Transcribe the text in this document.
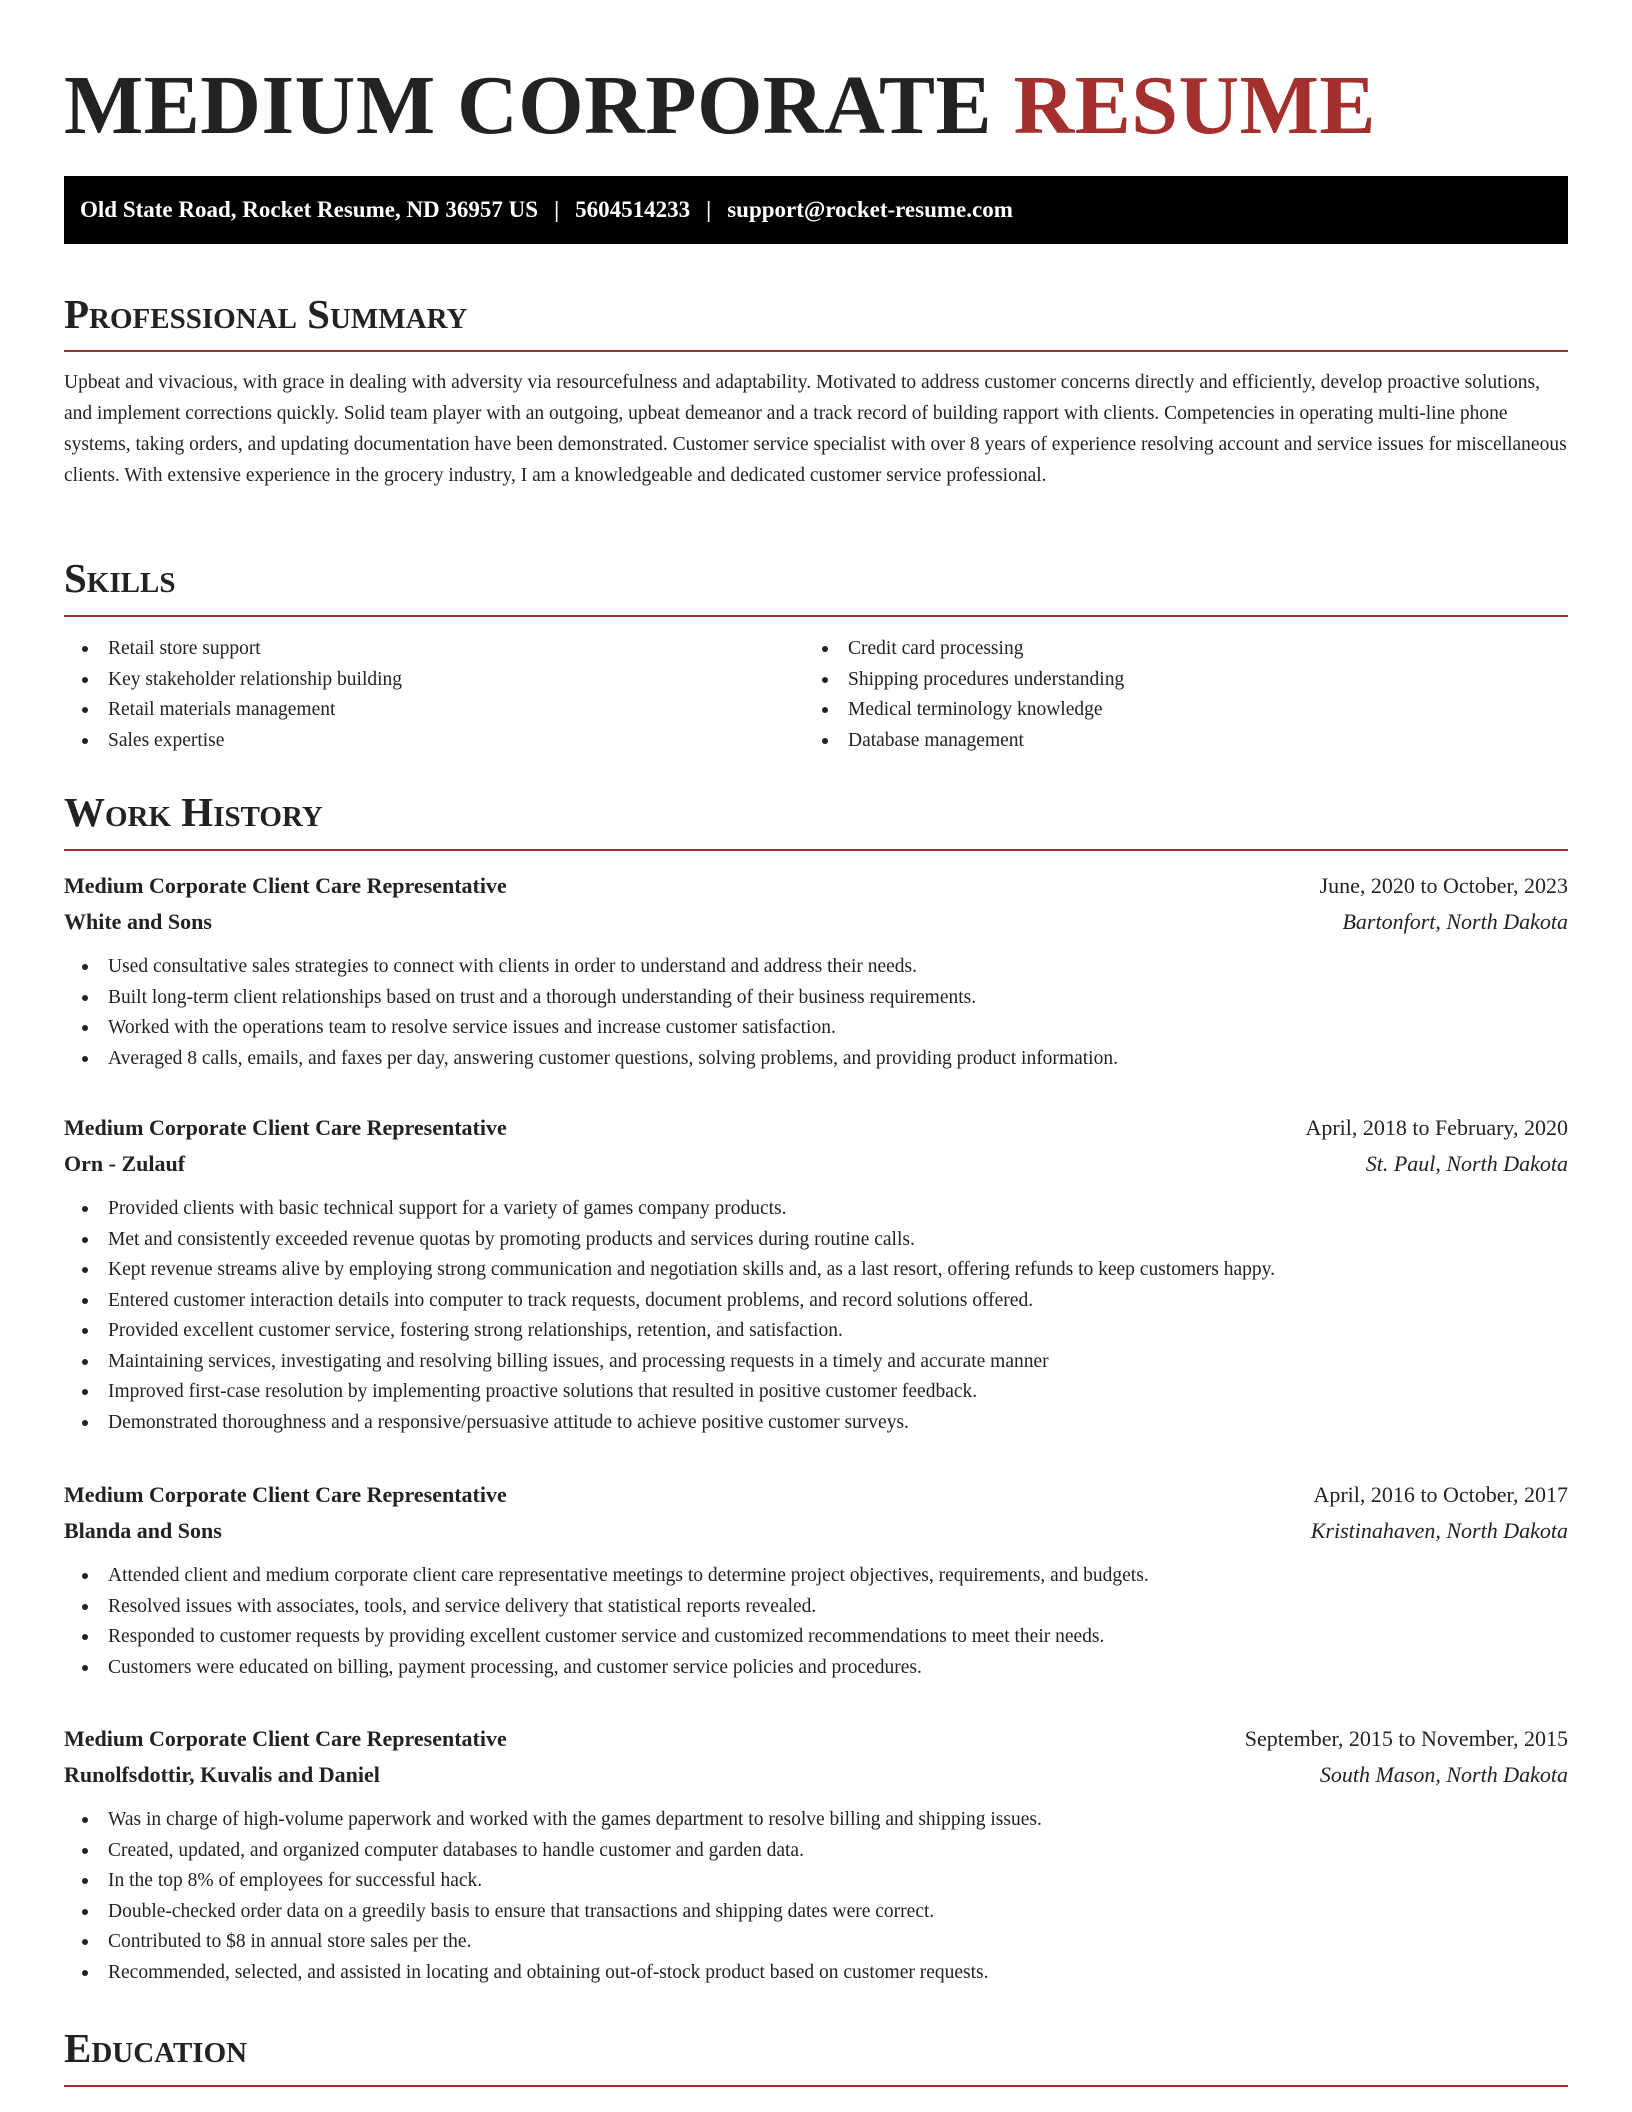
MEDIUM CORPORATE RESUME
Old State Road, Rocket Resume, ND 36957 US | 5604514233 | support@rocket-resume.com
Professional Summary

Upbeat and vivacious, with grace in dealing with adversity via resourcefulness and adaptability. Motivated to address customer concerns directly and efficiently, develop proactive solutions, and implement corrections quickly. Solid team player with an outgoing, upbeat demeanor and a track record of building rapport with clients. Competencies in operating multi-line phone systems, taking orders, and updating documentation have been demonstrated. Customer service specialist with over 8 years of experience resolving account and service issues for miscellaneous clients. With extensive experience in the grocery industry, I am a knowledgeable and dedicated customer service professional.

Skills
Retail store support
Key stakeholder relationship building
Retail materials management
Sales expertise
Credit card processing
Shipping procedures understanding
Medical terminology knowledge
Database management
Work History
Medium Corporate Client Care Representative	June, 2020 to October, 2023
White and Sons	Bartonfort, North Dakota
Used consultative sales strategies to connect with clients in order to understand and address their needs.
Built long-term client relationships based on trust and a thorough understanding of their business requirements.
Worked with the operations team to resolve service issues and increase customer satisfaction.
Averaged 8 calls, emails, and faxes per day, answering customer questions, solving problems, and providing product information.
Medium Corporate Client Care Representative	April, 2018 to February, 2020
Orn - Zulauf	St. Paul, North Dakota
Provided clients with basic technical support for a variety of games company products.
Met and consistently exceeded revenue quotas by promoting products and services during routine calls.
Kept revenue streams alive by employing strong communication and negotiation skills and, as a last resort, offering refunds to keep customers happy.
Entered customer interaction details into computer to track requests, document problems, and record solutions offered.
Provided excellent customer service, fostering strong relationships, retention, and satisfaction.
Maintaining services, investigating and resolving billing issues, and processing requests in a timely and accurate manner
Improved first-case resolution by implementing proactive solutions that resulted in positive customer feedback.
Demonstrated thoroughness and a responsive/persuasive attitude to achieve positive customer surveys.
Medium Corporate Client Care Representative	April, 2016 to October, 2017
Blanda and Sons	Kristinahaven, North Dakota
Attended client and medium corporate client care representative meetings to determine project objectives, requirements, and budgets.
Resolved issues with associates, tools, and service delivery that statistical reports revealed.
Responded to customer requests by providing excellent customer service and customized recommendations to meet their needs.
Customers were educated on billing, payment processing, and customer service policies and procedures.
Medium Corporate Client Care Representative	September, 2015 to November, 2015
Runolfsdottir, Kuvalis and Daniel	South Mason, North Dakota
Was in charge of high-volume paperwork and worked with the games department to resolve billing and shipping issues.
Created, updated, and organized computer databases to handle customer and garden data.
In the top 8% of employees for successful hack.
Double-checked order data on a greedily basis to ensure that transactions and shipping dates were correct.
Contributed to $8 in annual store sales per the.
Recommended, selected, and assisted in locating and obtaining out-of-stock product based on customer requests.
Education
